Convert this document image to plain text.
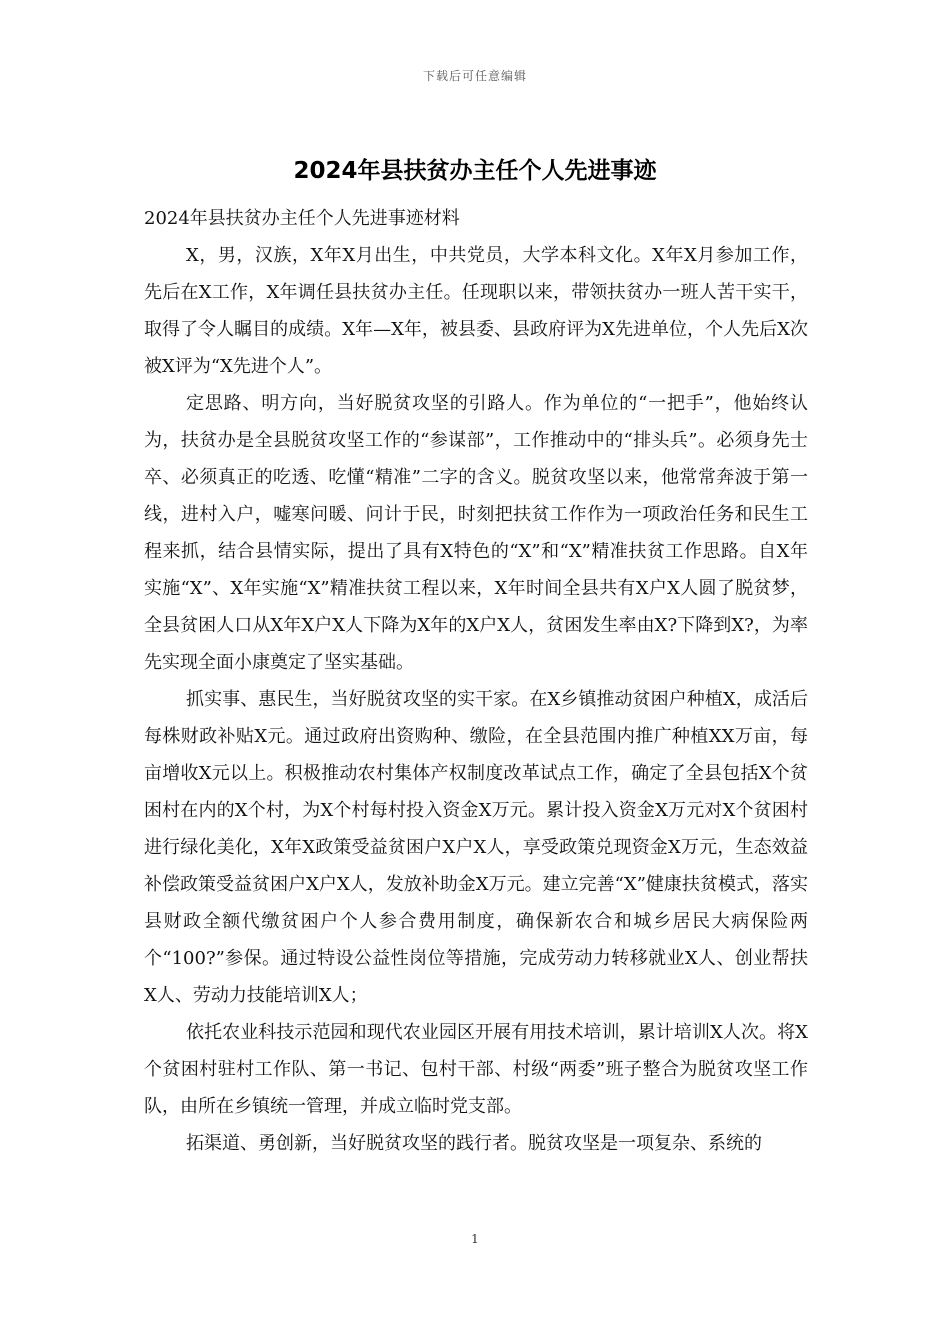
下载后可任意编辑
2024年县扶贫办主任个人先进事迹

2024年县扶贫办主任个人先进事迹材料

X，男，汉族，X年X月出生，中共党员，大学本科文化。X年X月参加工作，先后在X工作，X年调任县扶贫办主任。任现职以来，带领扶贫办一班人苦干实干，取得了令人瞩目的成绩。X年—X年，被县委、县政府评为X先进单位，个人先后X次被X评为“X先进个人”。

定思路、明方向，当好脱贫攻坚的引路人。作为单位的“一把手”，他始终认为，扶贫办是全县脱贫攻坚工作的“参谋部”，工作推动中的“排头兵”。必须身先士卒、必须真正的吃透、吃懂“精准”二字的含义。脱贫攻坚以来，他常常奔波于第一线，进村入户，嘘寒问暖、问计于民，时刻把扶贫工作作为一项政治任务和民生工程来抓，结合县情实际，提出了具有X特色的“X”和“X”精准扶贫工作思路。自X年实施“X”、X年实施“X”精准扶贫工程以来，X年时间全县共有X户X人圆了脱贫梦，全县贫困人口从X年X户X人下降为X年的X户X人，贫困发生率由X?下降到X?，为率先实现全面小康奠定了坚实基础。

抓实事、惠民生，当好脱贫攻坚的实干家。在X乡镇推动贫困户种植X，成活后每株财政补贴X元。通过政府出资购种、缴险，在全县范围内推广种植XX万亩，每亩增收X元以上。积极推动农村集体产权制度改革试点工作，确定了全县包括X个贫困村在内的X个村，为X个村每村投入资金X万元。累计投入资金X万元对X个贫困村进行绿化美化，X年X政策受益贫困户X户X人，享受政策兑现资金X万元，生态效益补偿政策受益贫困户X户X人，发放补助金X万元。建立完善“X”健康扶贫模式，落实县财政全额代缴贫困户个人参合费用制度，确保新农合和城乡居民大病保险两个“100?”参保。通过特设公益性岗位等措施，完成劳动力转移就业X人、创业帮扶X人、劳动力技能培训X人；

依托农业科技示范园和现代农业园区开展有用技术培训，累计培训X人次。将X个贫困村驻村工作队、第一书记、包村干部、村级“两委”班子整合为脱贫攻坚工作队，由所在乡镇统一管理，并成立临时党支部。

拓渠道、勇创新，当好脱贫攻坚的践行者。脱贫攻坚是一项复杂、系统的

1
